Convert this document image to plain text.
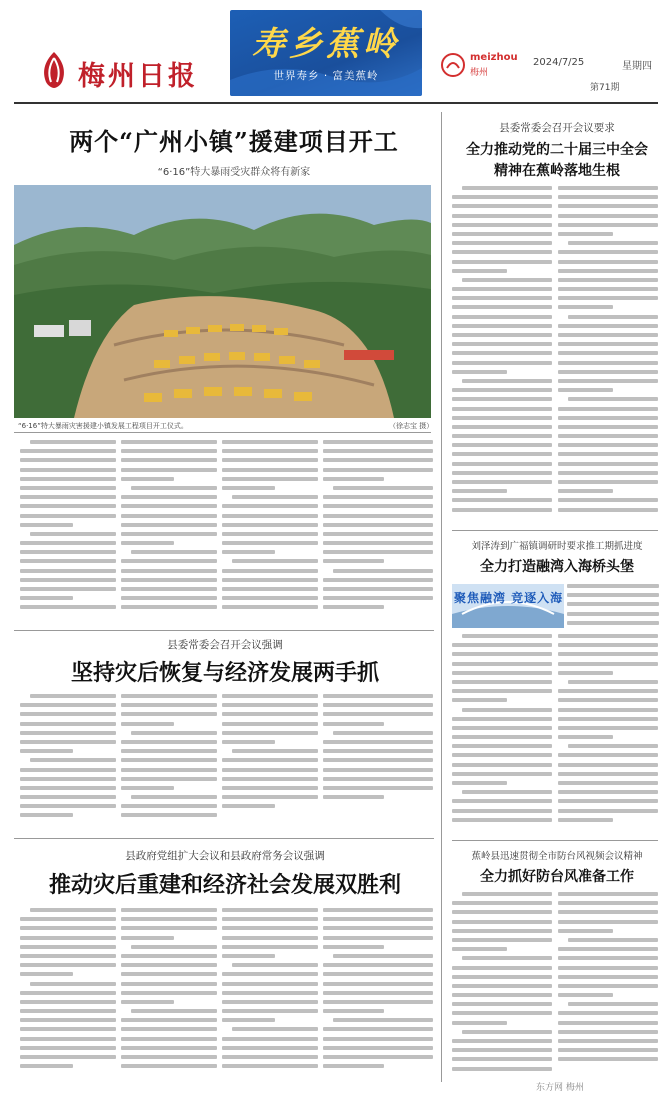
梅州日报
寿乡蕉岭
世界寿乡 · 富美蕉岭
meizhou
梅州
2024/7/25	星期四
第71期
两个“广州小镇”援建项目开工
“6·16”特大暴雨受灾群众将有新家
“6·16”特大暴雨灾害援建小镇发展工程项目开工仪式。	（徐志宝 摄）
县委常委会召开会议要求
全力推动党的二十届三中全会
精神在蕉岭落地生根
刘泽涛到广福镇调研时要求推工期抓进度
全力打造融湾入海桥头堡
聚焦融湾 竞逐入海
蕉岭县迅速贯彻全市防台风视频会议精神
全力抓好防台风准备工作
县委常委会召开会议强调
坚持灾后恢复与经济发展两手抓
县政府党组扩大会议和县政府常务会议强调
推动灾后重建和经济社会发展双胜利
东方网 梅州
